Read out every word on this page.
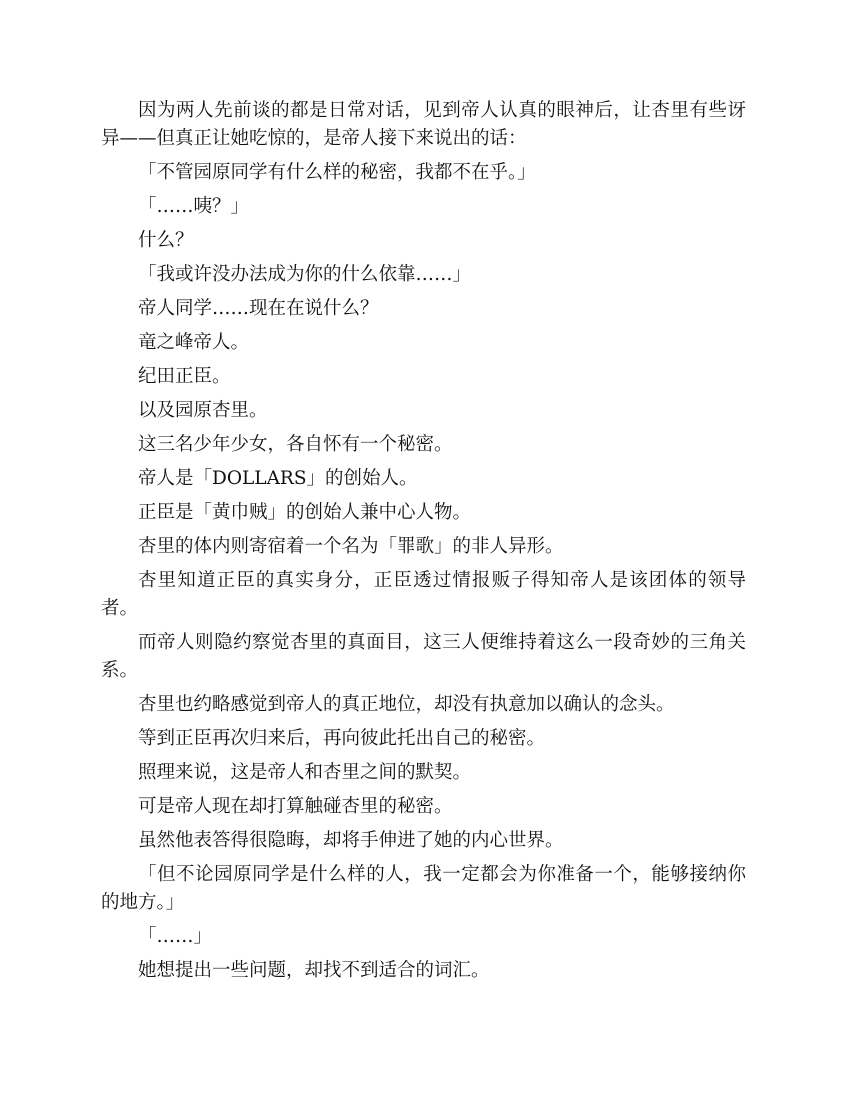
因为两人先前谈的都是日常对话，见到帝人认真的眼神后，让杏里有些讶异——但真正让她吃惊的，是帝人接下来说出的话：

「不管园原同学有什么样的秘密，我都不在乎。」

「……咦？」

什么？

「我或许没办法成为你的什么依靠……」

帝人同学……现在在说什么？

竜之峰帝人。

纪田正臣。

以及园原杏里。

这三名少年少女，各自怀有一个秘密。

帝人是「DOLLARS」的创始人。

正臣是「黄巾贼」的创始人兼中心人物。

杏里的体内则寄宿着一个名为「罪歌」的非人异形。

杏里知道正臣的真实身分，正臣透过情报贩子得知帝人是该团体的领导者。

而帝人则隐约察觉杏里的真面目，这三人便维持着这么一段奇妙的三角关系。

杏里也约略感觉到帝人的真正地位，却没有执意加以确认的念头。

等到正臣再次归来后，再向彼此托出自己的秘密。

照理来说，这是帝人和杏里之间的默契。

可是帝人现在却打算触碰杏里的秘密。

虽然他表答得很隐晦，却将手伸进了她的内心世界。

「但不论园原同学是什么样的人，我一定都会为你准备一个，能够接纳你的地方。」

「……」

她想提出一些问题，却找不到适合的词汇。
